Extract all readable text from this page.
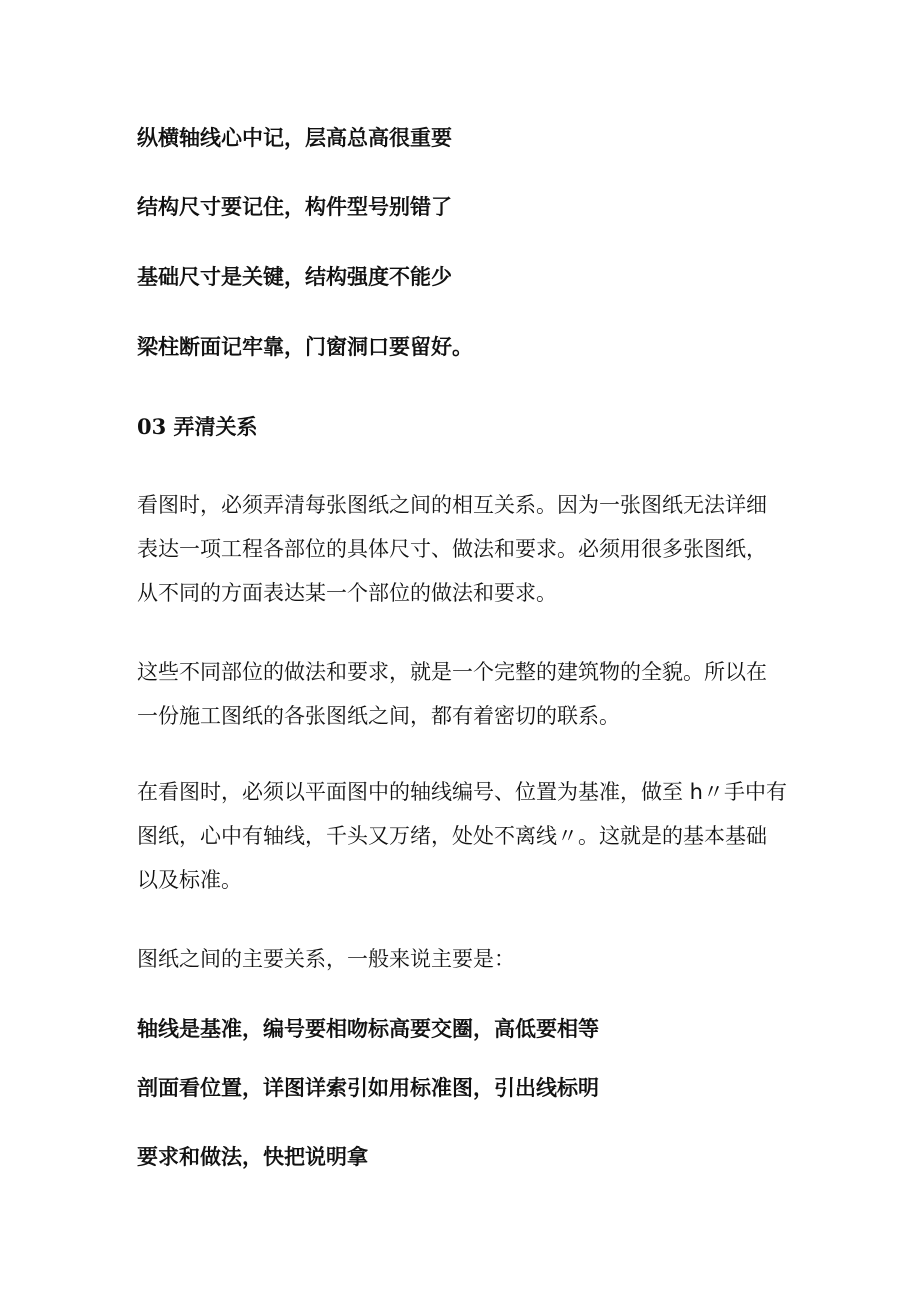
纵横轴线心中记，层高总高很重要
结构尺寸要记住，构件型号别错了
基础尺寸是关键，结构强度不能少
梁柱断面记牢靠，门窗洞口要留好。
03 弄清关系
看图时，必须弄清每张图纸之间的相互关系。因为一张图纸无法详细
表达一项工程各部位的具体尺寸、做法和要求。必须用很多张图纸，
从不同的方面表达某一个部位的做法和要求。
这些不同部位的做法和要求，就是一个完整的建筑物的全貌。所以在
一份施工图纸的各张图纸之间，都有着密切的联系。
在看图时，必须以平面图中的轴线编号、位置为基准，做至 h〃手中有
图纸，心中有轴线，千头又万绪，处处不离线〃。这就是的基本基础
以及标准。
图纸之间的主要关系，一般来说主要是：
轴线是基准，编号要相吻标高要交圈，高低要相等
剖面看位置，详图详索引如用标准图，引出线标明
要求和做法，快把说明拿
